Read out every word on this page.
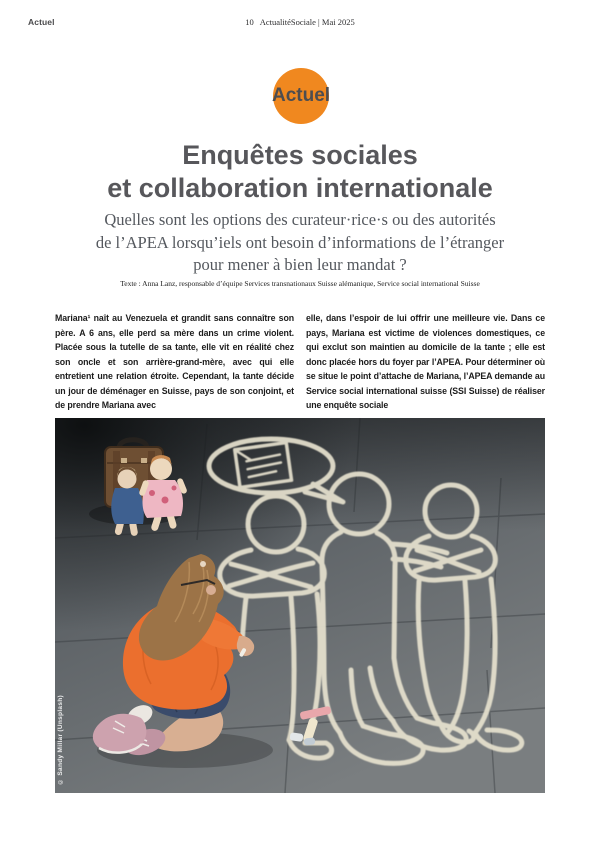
Actuel	10 ActualitéSociale | Mai 2025
Actuel
Enquêtes sociales
et collaboration internationale
Quelles sont les options des curateur·rice·s ou des autorités
de l’APEA lorsqu’iels ont besoin d’informations de l’étranger
pour mener à bien leur mandat ?
Texte : Anna Lanz, responsable d’équipe Services transnationaux Suisse alémanique, Service social international Suisse
Mariana¹ naît au Venezuela et grandit sans connaître son père. A 6 ans, elle perd sa mère dans un crime violent. Placée sous la tutelle de sa tante, elle vit en réalité chez son oncle et son arrière-grand-mère, avec qui elle entretient une relation étroite. Cependant, la tante décide un jour de déménager en Suisse, pays de son conjoint, et de prendre Mariana avec
elle, dans l’espoir de lui offrir une meilleure vie. Dans ce pays, Mariana est victime de violences domestiques, ce qui exclut son maintien au domicile de la tante ; elle est donc placée hors du foyer par l’APEA. Pour déterminer où se situe le point d’attache de Mariana, l’APEA demande au Service social international suisse (SSI Suisse) de réaliser une enquête sociale
© Sandy Millar (Unsplash)
